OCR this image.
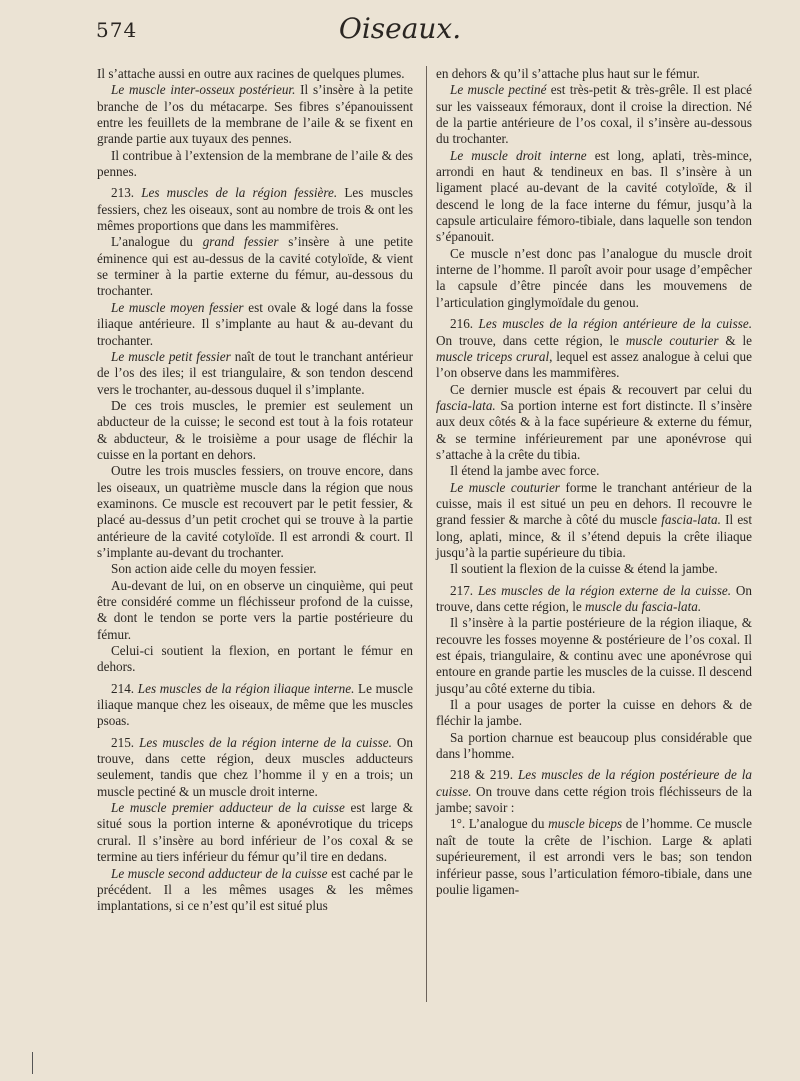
574	Oiseaux.

Il s’attache aussi en outre aux racines de quelques plumes.

Le muscle inter-osseux postérieur. Il s’insère à la petite branche de l’os du métacarpe. Ses fibres s’épanouissent entre les feuillets de la membrane de l’aile & se fixent en grande partie aux tuyaux des pennes.

Il contribue à l’extension de la membrane de l’aile & des pennes.

213. Les muscles de la région fessière. Les muscles fessiers, chez les oiseaux, sont au nombre de trois & ont les mêmes proportions que dans les mammifères.

L’analogue du grand fessier s’insère à une petite éminence qui est au-dessus de la cavité cotyloïde, & vient se terminer à la partie externe du fémur, au-dessous du trochanter.

Le muscle moyen fessier est ovale & logé dans la fosse iliaque antérieure. Il s’implante au haut & au-devant du trochanter.

Le muscle petit fessier naît de tout le tranchant antérieur de l’os des iles; il est triangulaire, & son tendon descend vers le trochanter, au-dessous duquel il s’implante.

De ces trois muscles, le premier est seulement un abducteur de la cuisse; le second est tout à la fois rotateur & abducteur, & le troisième a pour usage de fléchir la cuisse en la portant en dehors.

Outre les trois muscles fessiers, on trouve encore, dans les oiseaux, un quatrième muscle dans la région que nous examinons. Ce muscle est recouvert par le petit fessier, & placé au-dessus d’un petit crochet qui se trouve à la partie antérieure de la cavité cotyloïde. Il est arrondi & court. Il s’implante au-devant du trochanter.

Son action aide celle du moyen fessier.

Au-devant de lui, on en observe un cinquième, qui peut être considéré comme un fléchisseur profond de la cuisse, & dont le tendon se porte vers la partie postérieure du fémur.

Celui-ci soutient la flexion, en portant le fémur en dehors.

214. Les muscles de la région iliaque interne. Le muscle iliaque manque chez les oiseaux, de même que les muscles psoas.

215. Les muscles de la région interne de la cuisse. On trouve, dans cette région, deux muscles adducteurs seulement, tandis que chez l’homme il y en a trois; un muscle pectiné & un muscle droit interne.

Le muscle premier adducteur de la cuisse est large & situé sous la portion interne & aponévrotique du triceps crural. Il s’insère au bord inférieur de l’os coxal & se termine au tiers inférieur du fémur qu’il tire en dedans.

Le muscle second adducteur de la cuisse est caché par le précédent. Il a les mêmes usages & les mêmes implantations, si ce n’est qu’il est situé plus

en dehors & qu’il s’attache plus haut sur le fémur.

Le muscle pectiné est très-petit & très-grêle. Il est placé sur les vaisseaux fémoraux, dont il croise la direction. Né de la partie antérieure de l’os coxal, il s’insère au-dessous du trochanter.

Le muscle droit interne est long, aplati, très-mince, arrondi en haut & tendineux en bas. Il s’insère à un ligament placé au-devant de la cavité cotyloïde, & il descend le long de la face interne du fémur, jusqu’à la capsule articulaire fémoro-tibiale, dans laquelle son tendon s’épanouit.

Ce muscle n’est donc pas l’analogue du muscle droit interne de l’homme. Il paroît avoir pour usage d’empêcher la capsule d’être pincée dans les mouvemens de l’articulation ginglymoïdale du genou.

216. Les muscles de la région antérieure de la cuisse. On trouve, dans cette région, le muscle couturier & le muscle triceps crural, lequel est assez analogue à celui que l’on observe dans les mammifères.

Ce dernier muscle est épais & recouvert par celui du fascia-lata. Sa portion interne est fort distincte. Il s’insère aux deux côtés & à la face supérieure & externe du fémur, & se termine inférieurement par une aponévrose qui s’attache à la crête du tibia.

Il étend la jambe avec force.

Le muscle couturier forme le tranchant antérieur de la cuisse, mais il est situé un peu en dehors. Il recouvre le grand fessier & marche à côté du muscle fascia-lata. Il est long, aplati, mince, & il s’étend depuis la crête iliaque jusqu’à la partie supérieure du tibia.

Il soutient la flexion de la cuisse & étend la jambe.

217. Les muscles de la région externe de la cuisse. On trouve, dans cette région, le muscle du fascia-lata.

Il s’insère à la partie postérieure de la région iliaque, & recouvre les fosses moyenne & postérieure de l’os coxal. Il est épais, triangulaire, & continu avec une aponévrose qui entoure en grande partie les muscles de la cuisse. Il descend jusqu’au côté externe du tibia.

Il a pour usages de porter la cuisse en dehors & de fléchir la jambe.

Sa portion charnue est beaucoup plus considérable que dans l’homme.

218 & 219. Les muscles de la région postérieure de la cuisse. On trouve dans cette région trois fléchisseurs de la jambe; savoir :

1°. L’analogue du muscle biceps de l’homme. Ce muscle naît de toute la crête de l’ischion. Large & aplati supérieurement, il est arrondi vers le bas; son tendon inférieur passe, sous l’articulation fémoro-tibiale, dans une poulie ligamen-
